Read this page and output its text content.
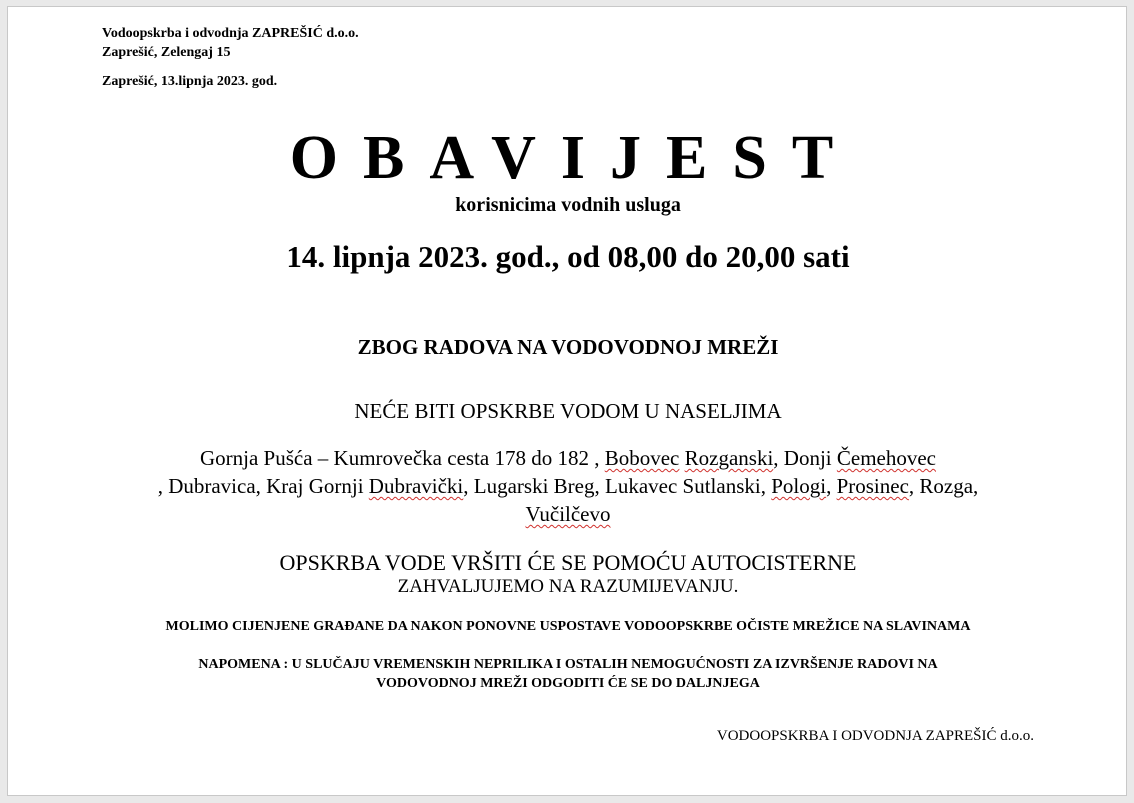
Vodoopskrba i odvodnja ZAPREŠIĆ d.o.o.
Zaprešić, Zelengaj 15
Zaprešić, 13.lipnja 2023. god.
OBAVIJEST
korisnicima vodnih usluga
14. lipnja 2023. god., od 08,00 do 20,00 sati
ZBOG RADOVA NA VODOVODNOJ MREŽI
NEĆE BITI OPSKRBE VODOM U NASELJIMA
Gornja Pušća – Kumrovečka cesta 178 do 182 , Bobovec Rozganski, Donji Čemehovec
, Dubravica, Kraj Gornji Dubravički, Lugarski Breg, Lukavec Sutlanski, Pologi, Prosinec, Rozga,
Vučilčevo
OPSKRBA VODE VRŠITI ĆE SE POMOĆU AUTOCISTERNE
ZAHVALJUJEMO NA RAZUMIJEVANJU.
MOLIMO CIJENJENE GRAĐANE DA NAKON PONOVNE USPOSTAVE VODOOPSKRBE OČISTE MREŽICE NA SLAVINAMA
NAPOMENA : U SLUČAJU VREMENSKIH NEPRILIKA I OSTALIH NEMOGUĆNOSTI ZA IZVRŠENJE RADOVI NA
VODOVODNOJ MREŽI ODGODITI ĆE SE DO DALJNJEGA
VODOOPSKRBA I ODVODNJA ZAPREŠIĆ d.o.o.
